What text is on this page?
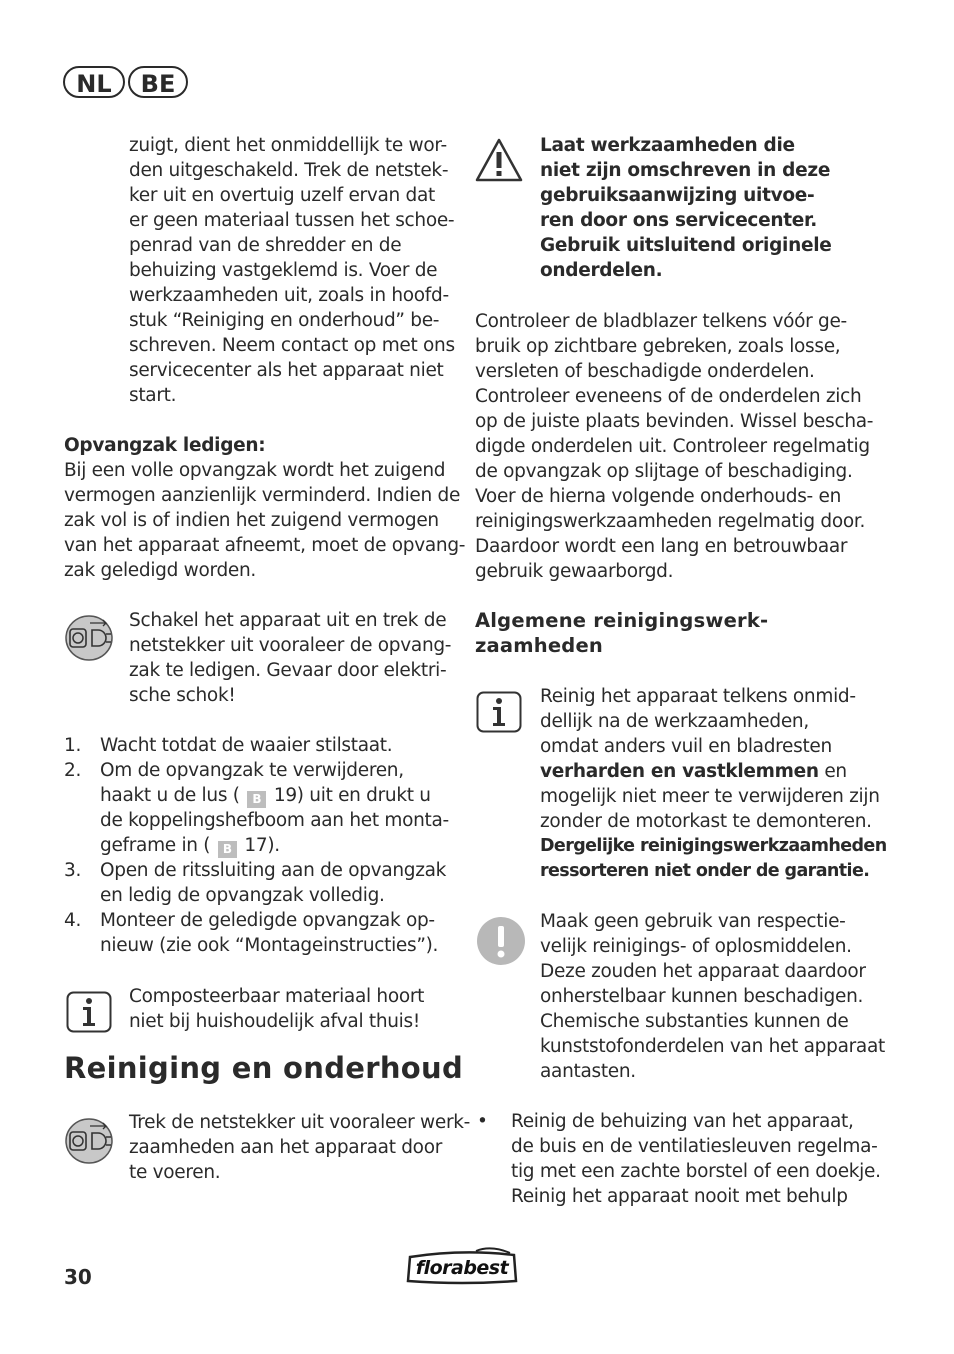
NL	BE
zuigt, dient het onmiddellijk te wor-
den uitgeschakeld. Trek de netstek-
ker uit en overtuig uzelf ervan dat
er geen materiaal tussen het schoe-
penrad van de shredder en de
behuizing vastgeklemd is. Voer de
werkzaamheden uit, zoals in hoofd-
stuk “Reiniging en onderhoud” be-
schreven. Neem contact op met ons
servicecenter als het apparaat niet
start.
Opvangzak ledigen:
Bij een volle opvangzak wordt het zuigend
vermogen aanzienlijk verminderd. Indien de
zak vol is of indien het zuigend vermogen
van het apparaat afneemt, moet de opvang-
zak geledigd worden.
Schakel het apparaat uit en trek de
netstekker uit vooraleer de opvang-
zak te ledigen. Gevaar door elektri-
sche schok!
1. Wacht totdat de waaier stilstaat.
2. Om de opvangzak te verwijderen,
haakt u de lus ( B 19) uit en drukt u
de koppelingshefboom aan het monta-
geframe in ( B 17).
3. Open de ritssluiting aan de opvangzak
en ledig de opvangzak volledig.
4. Monteer de geledigde opvangzak op-
nieuw (zie ook “Montageinstructies”).
Composteerbaar materiaal hoort
niet bij huishoudelijk afval thuis!
Reiniging en onderhoud
Trek de netstekker uit vooraleer werk-
zaamheden aan het apparaat door
te voeren.
Laat werkzaamheden die
niet zijn omschreven in deze
gebruiksaanwijzing uitvoe-
ren door ons servicecenter.
Gebruik uitsluitend originele
onderdelen.
Controleer de bladblazer telkens vóór ge-
bruik op zichtbare gebreken, zoals losse,
versleten of beschadigde onderdelen.
Controleer eveneens of de onderdelen zich
op de juiste plaats bevinden. Wissel bescha-
digde onderdelen uit. Controleer regelmatig
de opvangzak op slijtage of beschadiging.
Voer de hierna volgende onderhouds- en
reinigingswerkzaamheden regelmatig door.
Daardoor wordt een lang en betrouwbaar
gebruik gewaarborgd.
Algemene reinigingswerk-
zaamheden
Reinig het apparaat telkens onmid-
dellijk na de werkzaamheden,
omdat anders vuil en bladresten
verharden en vastklemmen en
mogelijk niet meer te verwijderen zijn
zonder de motorkast te demonteren.
Dergelijke reinigingswerkzaamheden
ressorteren niet onder de garantie.
Maak geen gebruik van respectie-
velijk reinigings- of oplosmiddelen.
Deze zouden het apparaat daardoor
onherstelbaar kunnen beschadigen.
Chemische substanties kunnen de
kunststofonderdelen van het apparaat
aantasten.
• Reinig de behuizing van het apparaat,
de buis en de ventilatiesleuven regelma-
tig met een zachte borstel of een doekje.
Reinig het apparaat nooit met behulp
30	florabest
